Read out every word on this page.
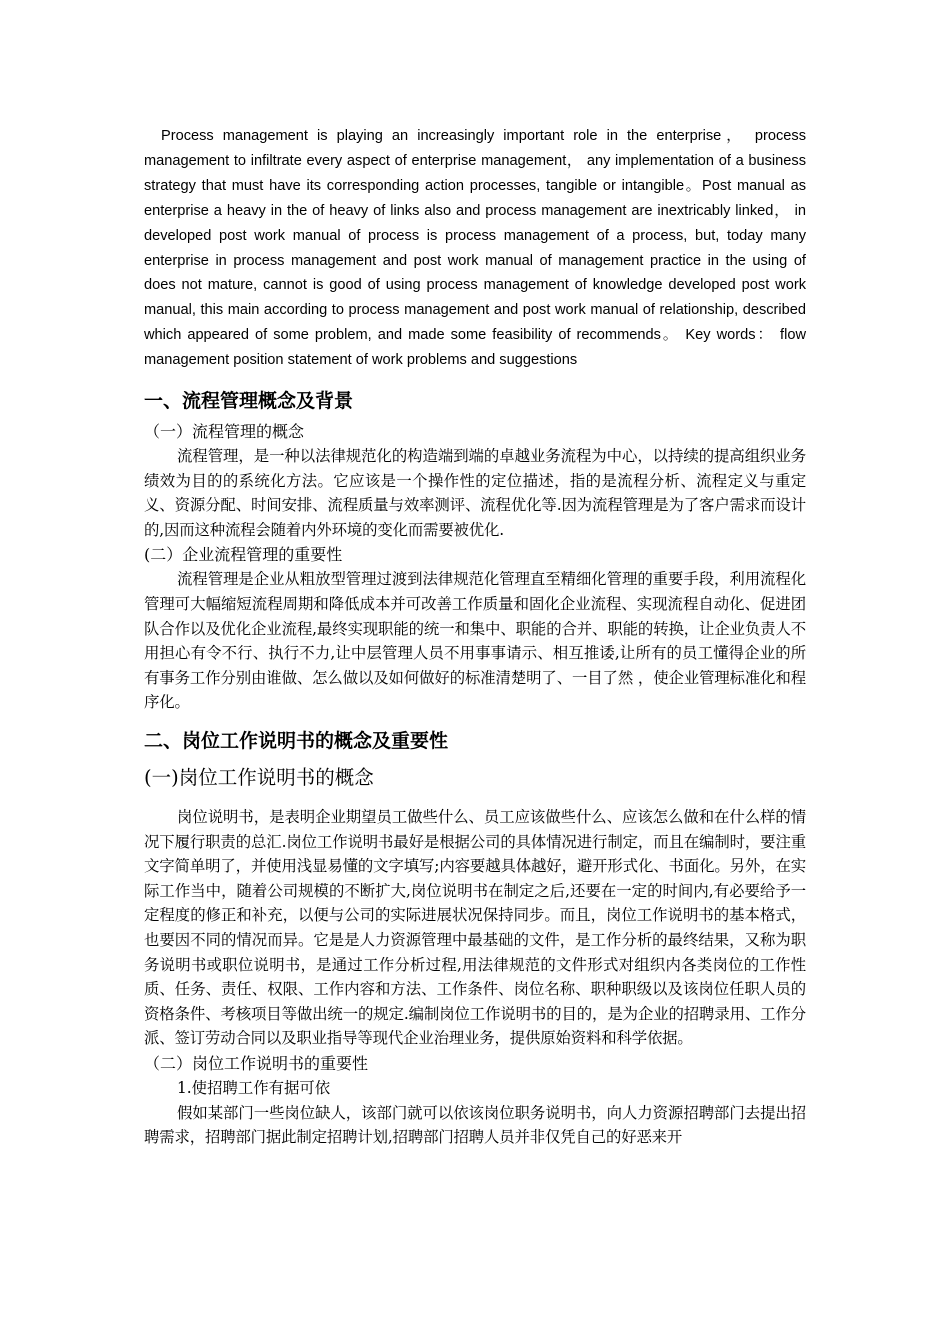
Process management is playing an increasingly important role in the enterprise， process management to infiltrate every aspect of enterprise management， any implementation of a business strategy that must have its corresponding action processes, tangible or intangible。Post manual as enterprise a heavy in the of heavy of links also and process management are inextricably linked， in developed post work manual of process is process management of a process, but, today many enterprise in process management and post work manual of management practice in the using of does not mature, cannot is good of using process management of knowledge developed post work manual, this main according to process management and post work manual of relationship, described which appeared of some problem, and made some feasibility of recommends。 Key words： flow management position statement of work problems and suggestions

一、流程管理概念及背景
（一）流程管理的概念

流程管理，是一种以法律规范化的构造端到端的卓越业务流程为中心，以持续的提高组织业务绩效为目的的系统化方法。它应该是一个操作性的定位描述，指的是流程分析、流程定义与重定义、资源分配、时间安排、流程质量与效率测评、流程优化等.因为流程管理是为了客户需求而设计的,因而这种流程会随着内外环境的变化而需要被优化.

(二）企业流程管理的重要性

流程管理是企业从粗放型管理过渡到法律规范化管理直至精细化管理的重要手段，利用流程化管理可大幅缩短流程周期和降低成本并可改善工作质量和固化企业流程、实现流程自动化、促进团队合作以及优化企业流程,最终实现职能的统一和集中、职能的合并、职能的转换，让企业负责人不用担心有令不行、执行不力,让中层管理人员不用事事请示、相互推诿,让所有的员工懂得企业的所有事务工作分别由谁做、怎么做以及如何做好的标准清楚明了、一目了然 ，使企业管理标准化和程序化。

二、岗位工作说明书的概念及重要性
(一)岗位工作说明书的概念

岗位说明书，是表明企业期望员工做些什么、员工应该做些什么、应该怎么做和在什么样的情况下履行职责的总汇.岗位工作说明书最好是根据公司的具体情况进行制定，而且在编制时，要注重文字简单明了，并使用浅显易懂的文字填写;内容要越具体越好，避开形式化、书面化。另外，在实际工作当中，随着公司规模的不断扩大,岗位说明书在制定之后,还要在一定的时间内,有必要给予一定程度的修正和补充，以便与公司的实际进展状况保持同步。而且，岗位工作说明书的基本格式，也要因不同的情况而异。它是是人力资源管理中最基础的文件，是工作分析的最终结果，又称为职务说明书或职位说明书，是通过工作分析过程,用法律规范的文件形式对组织内各类岗位的工作性质、任务、责任、权限、工作内容和方法、工作条件、岗位名称、职种职级以及该岗位任职人员的资格条件、考核项目等做出统一的规定.编制岗位工作说明书的目的，是为企业的招聘录用、工作分派、签订劳动合同以及职业指导等现代企业治理业务，提供原始资料和科学依据。

（二）岗位工作说明书的重要性
1.使招聘工作有据可依

假如某部门一些岗位缺人，该部门就可以依该岗位职务说明书，向人力资源招聘部门去提出招聘需求，招聘部门据此制定招聘计划,招聘部门招聘人员并非仅凭自己的好恶来开
